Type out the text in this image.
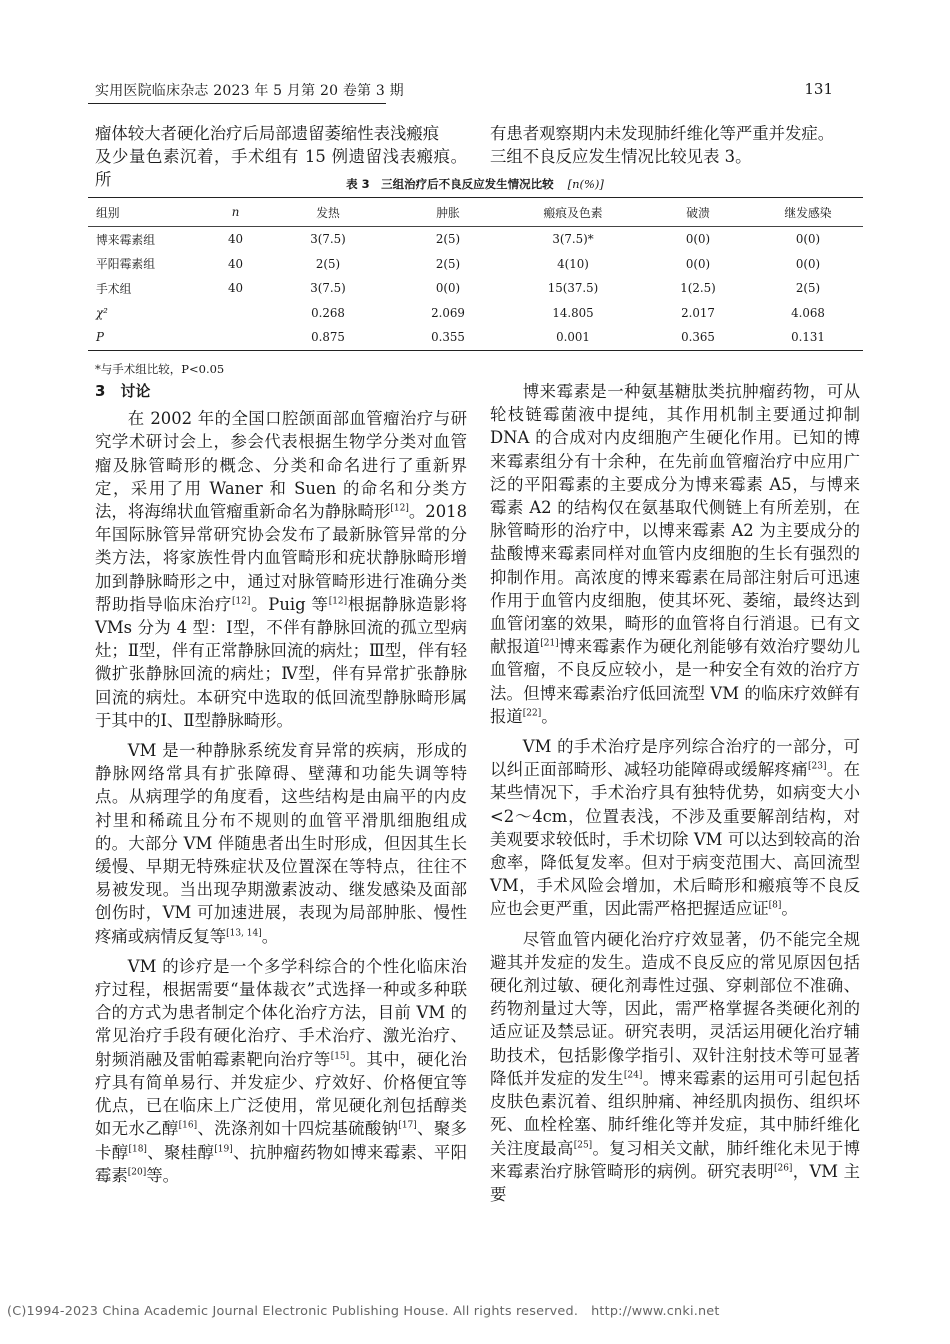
实用医院临床杂志 2023 年 5 月第 20 卷第 3 期	131
瘤体较大者硬化治疗后局部遗留萎缩性表浅瘢痕
及少量色素沉着，手术组有 15 例遗留浅表瘢痕。所
有患者观察期内未发现肺纤维化等严重并发症。
三组不良反应发生情况比较见表 3。
表 3　三组治疗后不良反应发生情况比较 [n(%)]
组别	n	发热	肿胀	瘢痕及色素	破溃	继发感染
博来霉素组	40	3(7.5)	2(5)	3(7.5)*	0(0)	0(0)
平阳霉素组	40	2(5)	2(5)	4(10)	0(0)	0(0)
手术组	40	3(7.5)	0(0)	15(37.5)	1(2.5)	2(5)
χ²		0.268	2.069	14.805	2.017	4.068
P		0.875	0.355	0.001	0.365	0.131
*与手术组比较，P<0.05
3　讨论

在 2002 年的全国口腔颌面部血管瘤治疗与研究学术研讨会上，参会代表根据生物学分类对血管瘤及脉管畸形的概念、分类和命名进行了重新界定，采用了用 Waner 和 Suen 的命名和分类方法，将海绵状血管瘤重新命名为静脉畸形[12]。2018 年国际脉管异常研究协会发布了最新脉管异常的分类方法，将家族性骨内血管畸形和疣状静脉畸形增加到静脉畸形之中，通过对脉管畸形进行准确分类帮助指导临床治疗[12]。Puig 等[12]根据静脉造影将 VMs 分为 4 型：Ⅰ型，不伴有静脉回流的孤立型病灶；Ⅱ型，伴有正常静脉回流的病灶；Ⅲ型，伴有轻微扩张静脉回流的病灶；Ⅳ型，伴有异常扩张静脉回流的病灶。本研究中选取的低回流型静脉畸形属于其中的Ⅰ、Ⅱ型静脉畸形。

VM 是一种静脉系统发育异常的疾病，形成的静脉网络常具有扩张障碍、壁薄和功能失调等特点。从病理学的角度看，这些结构是由扁平的内皮衬里和稀疏且分布不规则的血管平滑肌细胞组成的。大部分 VM 伴随患者出生时形成，但因其生长缓慢、早期无特殊症状及位置深在等特点，往往不易被发现。当出现孕期激素波动、继发感染及面部创伤时，VM 可加速进展，表现为局部肿胀、慢性疼痛或病情反复等[13, 14]。

VM 的诊疗是一个多学科综合的个性化临床治疗过程，根据需要“量体裁衣”式选择一种或多种联合的方式为患者制定个体化治疗方法，目前 VM 的常见治疗手段有硬化治疗、手术治疗、激光治疗、射频消融及雷帕霉素靶向治疗等[15]。其中，硬化治疗具有简单易行、并发症少、疗效好、价格便宜等优点，已在临床上广泛使用，常见硬化剂包括醇类如无水乙醇[16]、洗涤剂如十四烷基硫酸钠[17]、聚多卡醇[18]、聚桂醇[19]、抗肿瘤药物如博来霉素、平阳霉素[20]等。

博来霉素是一种氨基糖肽类抗肿瘤药物，可从轮枝链霉菌液中提纯，其作用机制主要通过抑制 DNA 的合成对内皮细胞产生硬化作用。已知的博来霉素组分有十余种，在先前血管瘤治疗中应用广泛的平阳霉素的主要成分为博来霉素 A5，与博来霉素 A2 的结构仅在氨基取代侧链上有所差别，在脉管畸形的治疗中，以博来霉素 A2 为主要成分的盐酸博来霉素同样对血管内皮细胞的生长有强烈的抑制作用。高浓度的博来霉素在局部注射后可迅速作用于血管内皮细胞，使其坏死、萎缩，最终达到血管闭塞的效果，畸形的血管将自行消退。已有文献报道[21]博来霉素作为硬化剂能够有效治疗婴幼儿血管瘤，不良反应较小，是一种安全有效的治疗方法。但博来霉素治疗低回流型 VM 的临床疗效鲜有报道[22]。

VM 的手术治疗是序列综合治疗的一部分，可以纠正面部畸形、减轻功能障碍或缓解疼痛[23]。在某些情况下，手术治疗具有独特优势，如病变大小<2～4cm，位置表浅，不涉及重要解剖结构，对美观要求较低时，手术切除 VM 可以达到较高的治愈率，降低复发率。但对于病变范围大、高回流型 VM，手术风险会增加，术后畸形和瘢痕等不良反应也会更严重，因此需严格把握适应证[8]。

尽管血管内硬化治疗疗效显著，仍不能完全规避其并发症的发生。造成不良反应的常见原因包括硬化剂过敏、硬化剂毒性过强、穿刺部位不准确、药物剂量过大等，因此，需严格掌握各类硬化剂的适应证及禁忌证。研究表明，灵活运用硬化治疗辅助技术，包括影像学指引、双针注射技术等可显著降低并发症的发生[24]。博来霉素的运用可引起包括皮肤色素沉着、组织肿痛、神经肌肉损伤、组织坏死、血栓栓塞、肺纤维化等并发症，其中肺纤维化关注度最高[25]。复习相关文献，肺纤维化未见于博来霉素治疗脉管畸形的病例。研究表明[26]，VM 主要

(C)1994-2023 China Academic Journal Electronic Publishing House. All rights reserved.　http://www.cnki.net
